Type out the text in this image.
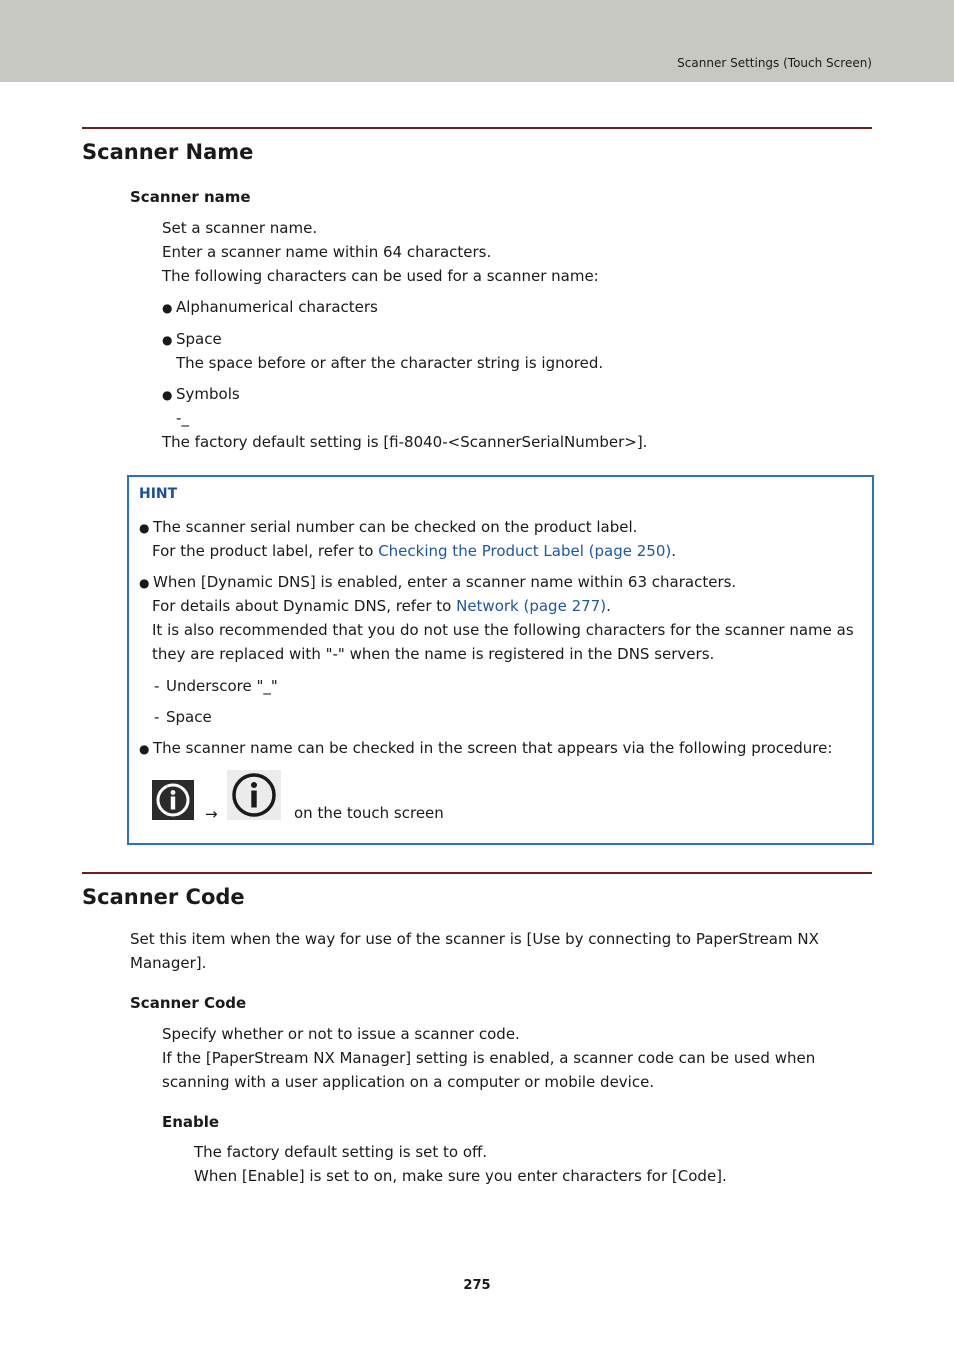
Scanner Settings (Touch Screen)
Scanner Name
Scanner name
Set a scanner name.
Enter a scanner name within 64 characters.
The following characters can be used for a scanner name:
● Alphanumerical characters
● Space
The space before or after the character string is ignored.
● Symbols
-_
The factory default setting is [fi-8040-<ScannerSerialNumber>].
HINT
● The scanner serial number can be checked on the product label.
For the product label, refer to Checking the Product Label (page 250).
● When [Dynamic DNS] is enabled, enter a scanner name within 63 characters.
For details about Dynamic DNS, refer to Network (page 277).
It is also recommended that you do not use the following characters for the scanner name as
they are replaced with "-" when the name is registered in the DNS servers.
- Underscore "_"
- Space
● The scanner name can be checked in the screen that appears via the following procedure:
→	on the touch screen
Scanner Code
Set this item when the way for use of the scanner is [Use by connecting to PaperStream NX
Manager].
Scanner Code
Specify whether or not to issue a scanner code.
If the [PaperStream NX Manager] setting is enabled, a scanner code can be used when
scanning with a user application on a computer or mobile device.
Enable
The factory default setting is set to off.
When [Enable] is set to on, make sure you enter characters for [Code].
275
